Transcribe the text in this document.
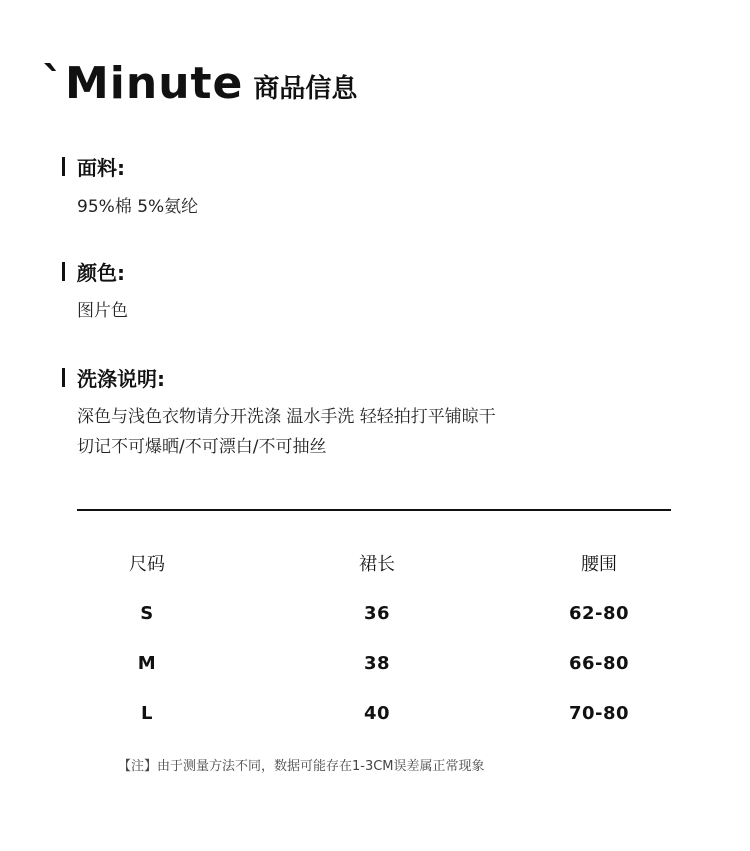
`Minute 商品信息
面料:
95%棉 5%氨纶
颜色:
图片色
洗涤说明:
深色与浅色衣物请分开洗涤 温水手洗 轻轻拍打平铺晾干
切记不可爆晒/不可漂白/不可抽丝
尺码	裙长	腰围
S	36	62-80
M	38	66-80
L	40	70-80
【注】由于测量方法不同，数据可能存在1-3CM误差属正常现象
